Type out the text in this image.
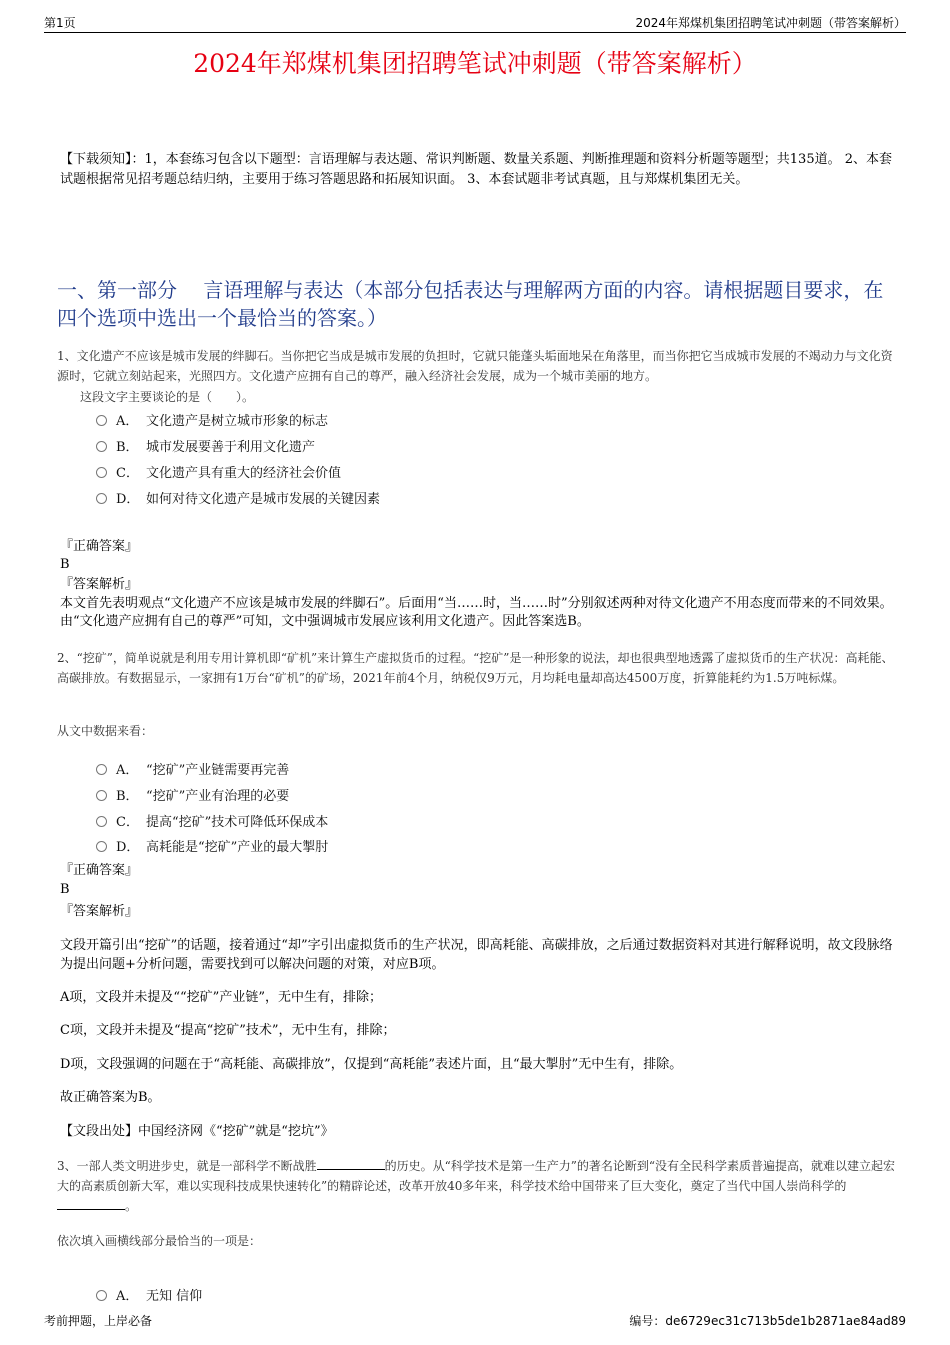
第1页	2024年郑煤机集团招聘笔试冲刺题（带答案解析）
2024年郑煤机集团招聘笔试冲刺题（带答案解析）
【下载须知】：1，本套练习包含以下题型：言语理解与表达题、常识判断题、数量关系题、判断推理题和资料分析题等题型；共135道。 2、本套试题根据常见招考题总结归纳，主要用于练习答题思路和拓展知识面。 3、本套试题非考试真题，且与郑煤机集团无关。
一、第一部分　 言语理解与表达（本部分包括表达与理解两方面的内容。请根据题目要求，在四个选项中选出一个最恰当的答案。）
1、文化遗产不应该是城市发展的绊脚石。当你把它当成是城市发展的负担时，它就只能蓬头垢面地呆在角落里，而当你把它当成城市发展的不竭动力与文化资源时，它就立刻站起来，光照四方。文化遗产应拥有自己的尊严，融入经济社会发展，成为一个城市美丽的地方。
这段文字主要谈论的是（　　）。
A． 文化遗产是树立城市形象的标志
B． 城市发展要善于利用文化遗产
C． 文化遗产具有重大的经济社会价值
D． 如何对待文化遗产是城市发展的关键因素
『正确答案』
B
『答案解析』
本文首先表明观点“文化遗产不应该是城市发展的绊脚石”。后面用“当……时，当……时”分别叙述两种对待文化遗产不用态度而带来的不同效果。由“文化遗产应拥有自己的尊严”可知，文中强调城市发展应该利用文化遗产。因此答案选B。
2、“挖矿”，简单说就是利用专用计算机即“矿机”来计算生产虚拟货币的过程。“挖矿”是一种形象的说法，却也很典型地透露了虚拟货币的生产状况：高耗能、高碳排放。有数据显示，一家拥有1万台“矿机”的矿场，2021年前4个月，纳税仅9万元，月均耗电量却高达4500万度，折算能耗约为1.5万吨标煤。
从文中数据来看：
A． “挖矿”产业链需要再完善
B． “挖矿”产业有治理的必要
C． 提高“挖矿”技术可降低环保成本
D． 高耗能是“挖矿”产业的最大掣肘
『正确答案』
B
『答案解析』
文段开篇引出“挖矿”的话题，接着通过“却”字引出虚拟货币的生产状况，即高耗能、高碳排放，之后通过数据资料对其进行解释说明，故文段脉络为提出问题+分析问题，需要找到可以解决问题的对策，对应B项。
A项，文段并未提及““挖矿”产业链”，无中生有，排除；
C项，文段并未提及“提高“挖矿”技术”，无中生有，排除；
D项，文段强调的问题在于“高耗能、高碳排放”，仅提到“高耗能”表述片面，且“最大掣肘”无中生有，排除。
故正确答案为B。
【文段出处】中国经济网《“挖矿”就是“挖坑”》
3、一部人类文明进步史，就是一部科学不断战胜	的历史。从“科学技术是第一生产力”的著名论断到“没有全民科学素质普遍提高，就难以建立起宏大的高素质创新大军，难以实现科技成果快速转化”的精辟论述，改革开放40多年来，科学技术给中国带来了巨大变化，奠定了当代中国人崇尚科学的。
依次填入画横线部分最恰当的一项是：
A． 无知 信仰
考前押题，上岸必备	编号：de6729ec31c713b5de1b2871ae84ad89
